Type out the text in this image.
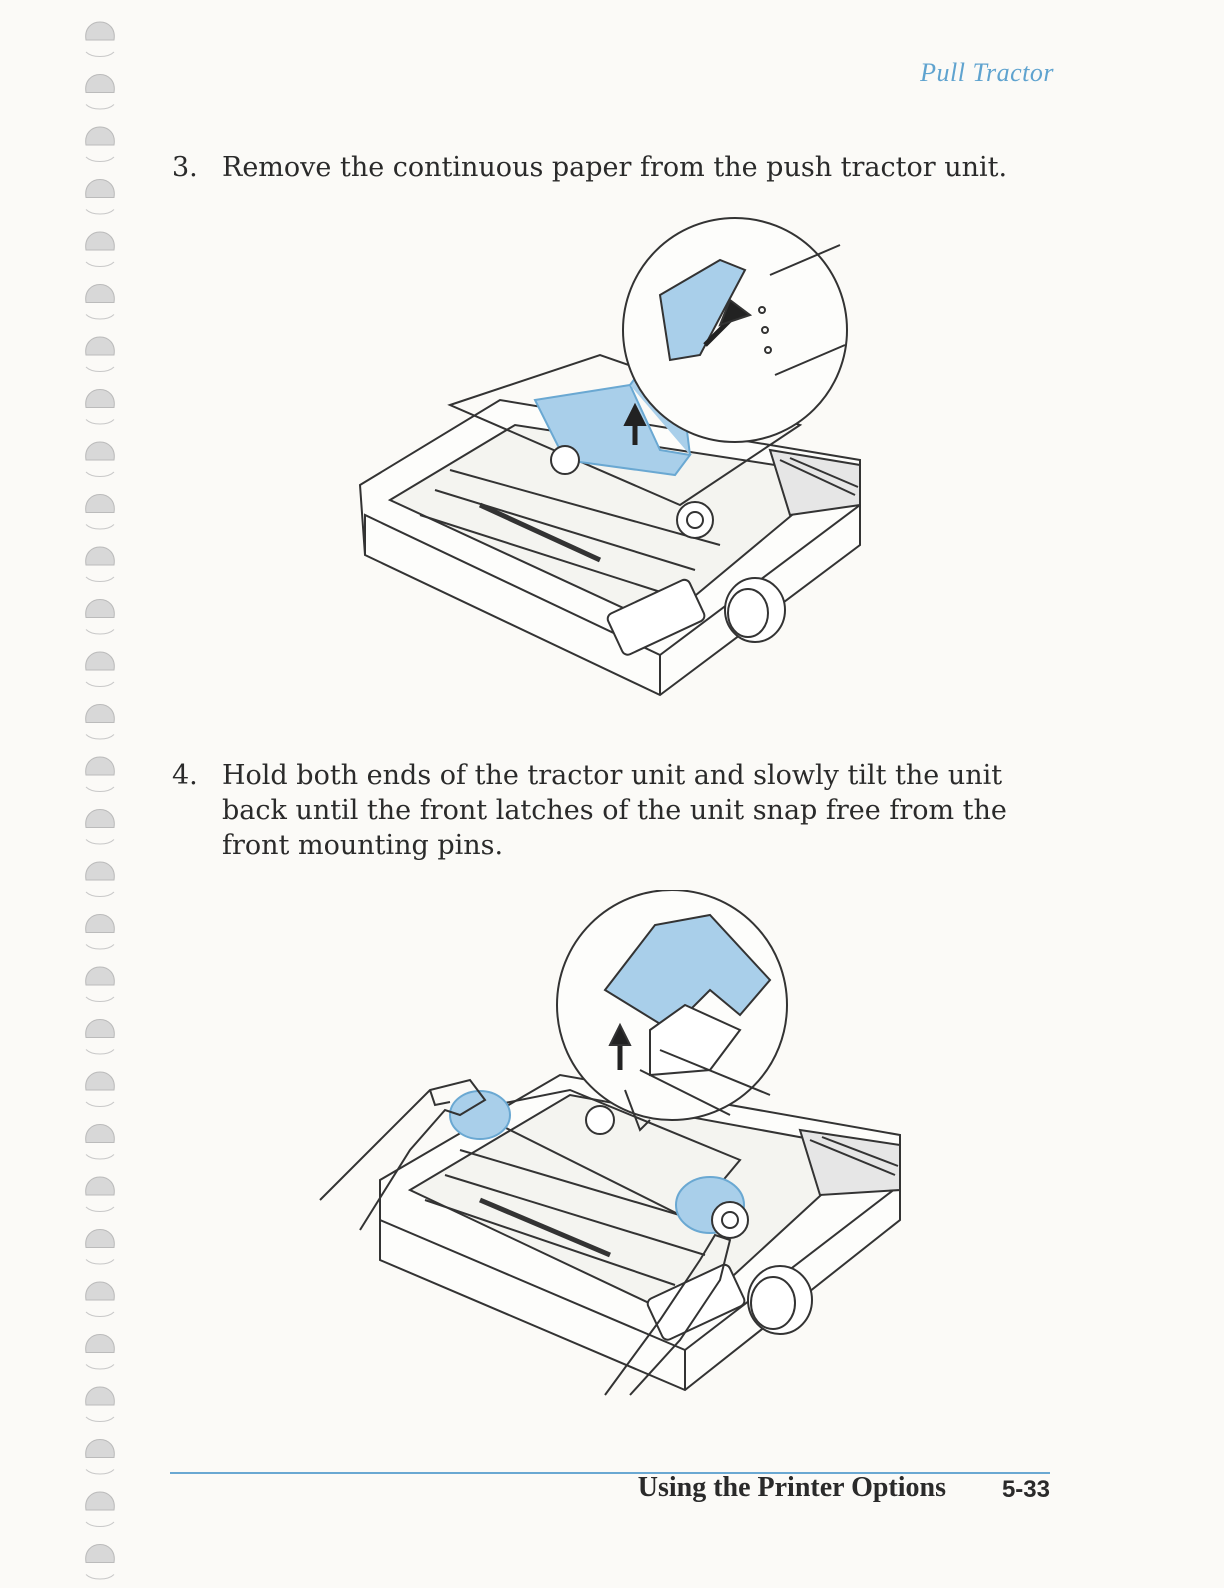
Pull Tractor
3. Remove the continuous paper from the push tractor unit.
4. Hold both ends of the tractor unit and slowly tilt the unit back until the front latches of the unit snap free from the front mounting pins.
Using the Printer Options 5-33
